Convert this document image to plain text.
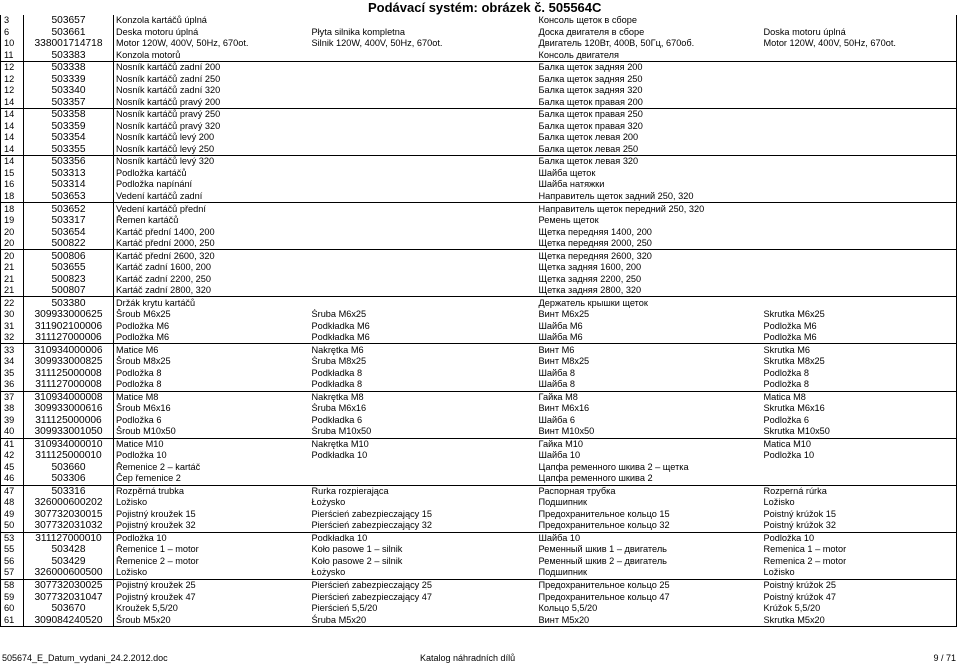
Podávací systém: obrázek č. 505564C
3	503657	Konzola kartáčů úplná		Консоль щеток в сборе	
6	503661	Deska motoru úplná	Płyta silnika kompletna	Доска двигателя в сборе	Doska motoru úplná
10	338001714718	Motor 120W, 400V, 50Hz, 670ot.	Silnik 120W, 400V, 50Hz, 670ot.	Двигатель 120Вт, 400В, 50Гц, 670об.	Motor 120W, 400V, 50Hz, 670ot.
11	503383	Konzola motorů		Консоль двигателя	
12	503338	Nosník kartáčů zadní 200		Балка щеток задняя 200	
12	503339	Nosník kartáčů zadní 250		Балка щеток задняя 250	
12	503340	Nosník kartáčů zadní 320		Балка щеток задняя 320	
14	503357	Nosník kartáčů pravý 200		Балка щеток правая 200	
14	503358	Nosník kartáčů pravý 250		Балка щеток правая 250	
14	503359	Nosník kartáčů pravý 320		Балка щеток правая 320	
14	503354	Nosník kartáčů levý 200		Балка щеток левая 200	
14	503355	Nosník kartáčů levý 250		Балка щеток левая 250	
14	503356	Nosník kartáčů levý 320		Балка щеток левая 320	
15	503313	Podložka kartáčů		Шайба щеток	
16	503314	Podložka napínání		Шайба натяжки	
18	503653	Vedení kartáčů zadní		Направитель щеток задний 250, 320	
18	503652	Vedení kartáčů přední		Направитель щеток передний 250, 320	
19	503317	Řemen kartáčů		Ремень щеток	
20	503654	Kartáč přední 1400, 200		Щетка передняя 1400, 200	
20	500822	Kartáč přední 2000, 250		Щетка передняя 2000, 250	
20	500806	Kartáč přední 2600, 320		Щетка передняя 2600, 320	
21	503655	Kartáč zadní 1600, 200		Щетка задняя 1600, 200	
21	500823	Kartáč zadní 2200, 250		Щетка задняя 2200, 250	
21	500807	Kartáč zadní 2800, 320		Щетка задняя 2800, 320	
22	503380	Držák krytu kartáčů		Держатель крышки щеток	
30	309933000625	Šroub M6x25	Śruba M6x25	Винт M6x25	Skrutka M6x25
31	311902100006	Podložka M6	Podkładka M6	Шайба M6	Podložka M6
32	311127000006	Podložka M6	Podkładka M6	Шайба M6	Podložka M6
33	310934000006	Matice M6	Nakrętka M6	Винт M6	Skrutka M6
34	309933000825	Šroub M8x25	Śruba M8x25	Винт M8x25	Skrutka M8x25
35	311125000008	Podložka 8	Podkładka 8	Шайба 8	Podložka 8
36	311127000008	Podložka 8	Podkładka 8	Шайба 8	Podložka 8
37	310934000008	Matice M8	Nakrętka M8	Гайка M8	Matica M8
38	309933000616	Šroub M6x16	Śruba M6x16	Винт M6x16	Skrutka M6x16
39	311125000006	Podložka 6	Podkładka 6	Шайба 6	Podložka 6
40	309933001050	Šroub M10x50	Śruba M10x50	Винт M10x50	Skrutka M10x50
41	310934000010	Matice M10	Nakrętka M10	Гайка M10	Matica M10
42	311125000010	Podložka 10	Podkładka 10	Шайба 10	Podložka 10
45	503660	Řemenice 2 – kartáč		Цапфа ременного шкива 2 – щетка	
46	503306	Čep řemenice 2		Цапфа ременного шкива 2	
47	503316	Rozpěrná trubka	Rurka rozpierająca	Распорная трубка	Rozperná rúrka
48	326000600202	Ložisko	Łożysko	Подшипник	Ložisko
49	307732030015	Pojistný kroužek 15	Pierścień zabezpieczający 15	Предохранительное кольцо 15	Poistný krúžok 15
50	307732031032	Pojistný kroužek 32	Pierścień zabezpieczający 32	Предохранительное кольцо 32	Poistný krúžok 32
53	311127000010	Podložka 10	Podkładka 10	Шайба 10	Podložka 10
55	503428	Řemenice 1 – motor	Koło pasowe 1 – silnik	Ременный шкив 1 – двигатель	Remenica 1 – motor
56	503429	Řemenice 2 – motor	Koło pasowe 2 – silnik	Ременный шкив 2 – двигатель	Remenica 2 – motor
57	326000600500	Ložisko	Łożysko	Подшипник	Ložisko
58	307732030025	Pojistný kroužek 25	Pierścień zabezpieczający 25	Предохранительное кольцо 25	Poistný krúžok 25
59	307732031047	Pojistný kroužek 47	Pierścień zabezpieczający 47	Предохранительное кольцо 47	Poistný krúžok 47
60	503670	Kroužek 5,5/20	Pierścień 5,5/20	Кольцо 5,5/20	Krúžok 5,5/20
61	309084240520	Šroub M5x20	Śruba M5x20	Винт M5x20	Skrutka M5x20
505674_E_Datum_vydani_24.2.2012.doc	Katalog náhradních dílů	9 / 71
